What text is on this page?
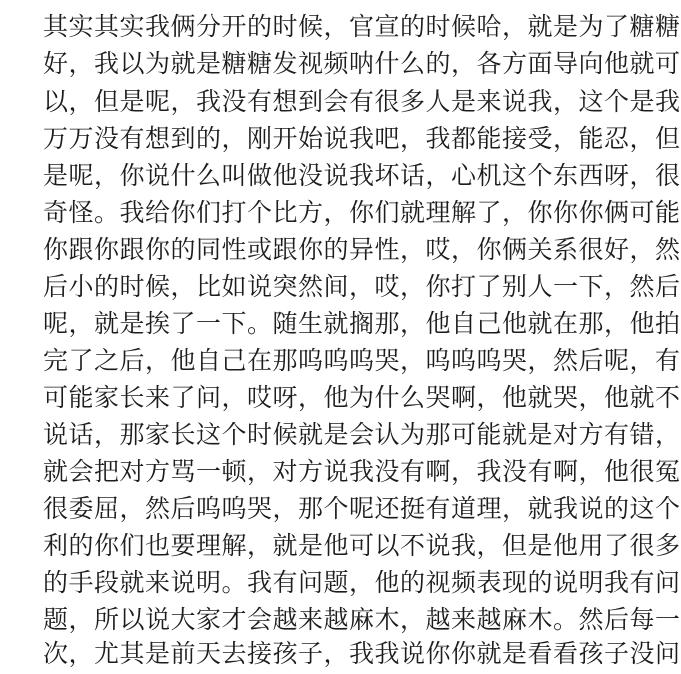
其实其实我俩分开的时候，官宣的时候哈，就是为了糖糖
好，我以为就是糖糖发视频呐什么的，各方面导向他就可
以，但是呢，我没有想到会有很多人是来说我，这个是我
万万没有想到的，刚开始说我吧，我都能接受，能忍，但
是呢，你说什么叫做他没说我坏话，心机这个东西呀，很
奇怪。我给你们打个比方，你们就理解了，你你你俩可能
你跟你跟你的同性或跟你的异性，哎，你俩关系很好，然
后小的时候，比如说突然间，哎，你打了别人一下，然后
呢，就是挨了一下。随生就搁那，他自己他就在那，他拍
完了之后，他自己在那呜呜呜哭，呜呜呜哭，然后呢，有
可能家长来了问，哎呀，他为什么哭啊，他就哭，他就不
说话，那家长这个时候就是会认为那可能就是对方有错，
就会把对方骂一顿，对方说我没有啊，我没有啊，他很冤
很委屈，然后呜呜哭，那个呢还挺有道理，就我说的这个
利的你们也要理解，就是他可以不说我，但是他用了很多
的手段就来说明。我有问题，他的视频表现的说明我有问
题，所以说大家才会越来越麻木，越来越麻木。然后每一
次，尤其是前天去接孩子，我我说你你就是看看孩子没问
